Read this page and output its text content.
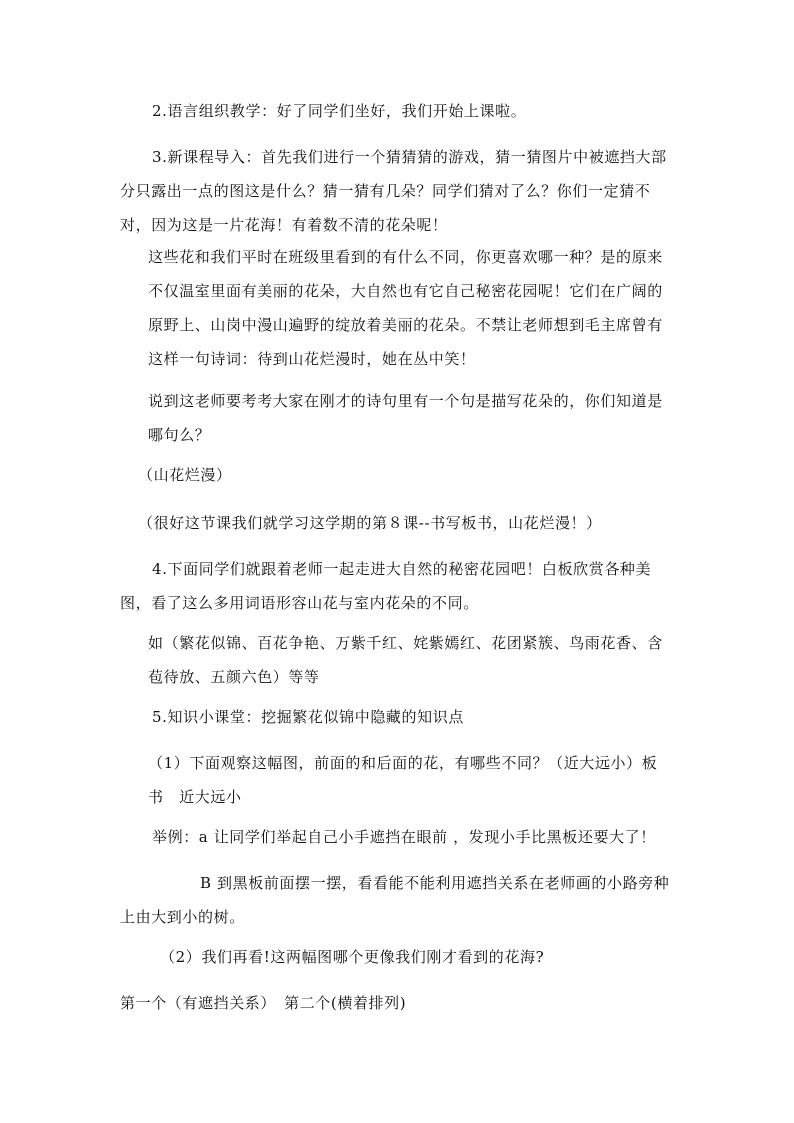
2.语言组织教学：好了同学们坐好，我们开始上课啦。

3.新课程导入：首先我们进行一个猜猜猜的游戏，猜一猜图片中被遮挡大部
分只露出一点的图这是什么？猜一猜有几朵？同学们猜对了么？你们一定猜不
对，因为这是一片花海！有着数不清的花朵呢！

这些花和我们平时在班级里看到的有什么不同，你更喜欢哪一种？是的原来
不仅温室里面有美丽的花朵，大自然也有它自己秘密花园呢！它们在广阔的
原野上、山岗中漫山遍野的绽放着美丽的花朵。不禁让老师想到毛主席曾有
这样一句诗词：待到山花烂漫时，她在丛中笑！

说到这老师要考考大家在刚才的诗句里有一个句是描写花朵的，你们知道是
哪句么？

（山花烂漫）

（很好这节课我们就学习这学期的第８课--书写板书，山花烂漫！）

4.下面同学们就跟着老师一起走进大自然的秘密花园吧！白板欣赏各种美
图，看了这么多用词语形容山花与室内花朵的不同。

如（繁花似锦、百花争艳、万紫千红、姹紫嫣红、花团紧簇、鸟雨花香、含
苞待放、五颜六色）等等

5.知识小课堂：挖掘繁花似锦中隐藏的知识点

（1）下面观察这幅图，前面的和后面的花，有哪些不同？（近大远小）板
书　近大远小

举例：a 让同学们举起自己小手遮挡在眼前 ，发现小手比黑板还要大了！

B 到黑板前面摆一摆，看看能不能利用遮挡关系在老师画的小路旁种
上由大到小的树。

（2）我们再看!这两幅图哪个更像我们刚才看到的花海?

第一个（有遮挡关系）　第二个(横着排列)
